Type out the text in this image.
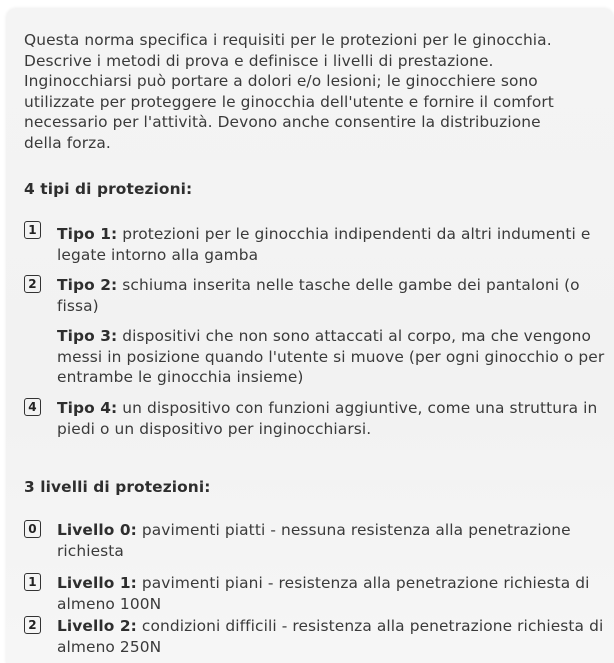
Questa norma specifica i requisiti per le protezioni per le ginocchia. Descrive i metodi di prova e definisce i livelli di prestazione. Inginocchiarsi può portare a dolori e/o lesioni; le ginocchiere sono utilizzate per proteggere le ginocchia dell'utente e fornire il comfort necessario per l'attività. Devono anche consentire la distribuzione della forza.

4 tipi di protezioni:
1 Tipo 1: protezioni per le ginocchia indipendenti da altri indumenti e legate intorno alla gamba

2 Tipo 2: schiuma inserita nelle tasche delle gambe dei pantaloni (o fissa)

Tipo 3: dispositivi che non sono attaccati al corpo, ma che vengono messi in posizione quando l'utente si muove (per ogni ginocchio o per entrambe le ginocchia insieme)

4 Tipo 4: un dispositivo con funzioni aggiuntive, come una struttura in piedi o un dispositivo per inginocchiarsi.

3 livelli di protezioni:
0 Livello 0: pavimenti piatti - nessuna resistenza alla penetrazione richiesta

1 Livello 1: pavimenti piani - resistenza alla penetrazione richiesta di almeno 100N

2 Livello 2: condizioni difficili - resistenza alla penetrazione richiesta di almeno 250N
